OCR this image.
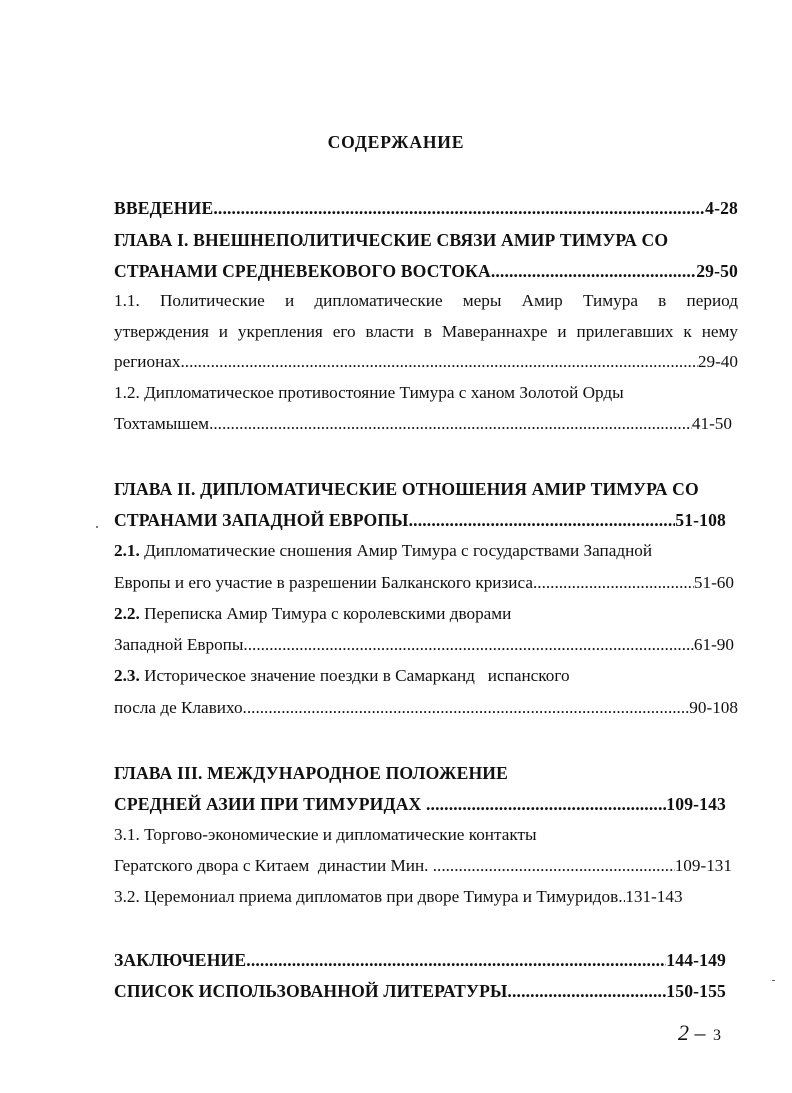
СОДЕРЖАНИЕ
ВВЕДЕНИЕ .....	4-28
ГЛАВА I. ВНЕШНЕПОЛИТИЧЕСКИЕ СВЯЗИ АМИР ТИМУРА СО
СТРАНАМИ СРЕДНЕВЕКОВОГО ВОСТОКА .....	29-50
1.1. Политические и дипломатические меры Амир Тимура в период
утверждения и укрепления его власти в Мавераннахре и прилегавших к нему
регионах .....	29-40
1.2. Дипломатическое противостояние Тимура с ханом Золотой Орды
Тохтамышем .....	41-50
ГЛАВА II. ДИПЛОМАТИЧЕСКИЕ ОТНОШЕНИЯ АМИР ТИМУРА СО
СТРАНАМИ ЗАПАДНОЙ ЕВРОПЫ .....	51-108
2.1. Дипломатические сношения Амир Тимура с государствами Западной
Европы и его участие в разрешении Балканского кризиса .....	51-60
2.2. Переписка Амир Тимура с королевскими дворами
Западной Европы .....	61-90
2.3. Историческое значение поездки в Самарканд   испанского
посла де Клавихо .....	90-108
ГЛАВА III. МЕЖДУНАРОДНОЕ ПОЛОЖЕНИЕ
СРЕДНЕЙ АЗИИ ПРИ ТИМУРИДАХ .....	109-143
3.1. Торгово-экономические и дипломатические контакты
Гератского двора с Китаем  династии Мин. .....	109-131
3.2. Церемониал приема дипломатов при дворе Тимура и Тимуридов ..... 131-143
ЗАКЛЮЧЕНИЕ .....	144-149
СПИСОК ИСПОЛЬЗОВАННОЙ ЛИТЕРАТУРЫ .....	150-155
2 – 3
